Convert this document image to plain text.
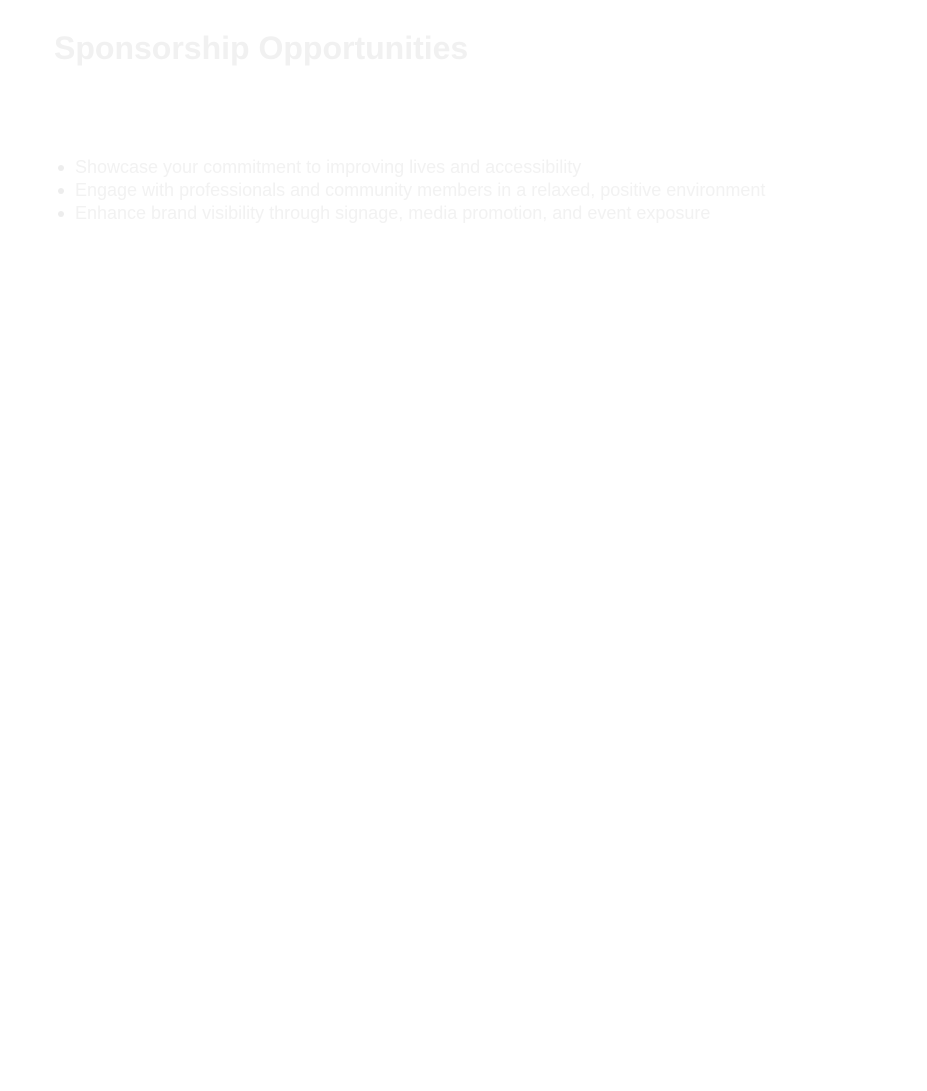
Sponsorship Opportunities
Showcase your commitment to improving lives and accessibility
Engage with professionals and community members in a relaxed, positive environment
Enhance brand visibility through signage, media promotion, and event exposure
